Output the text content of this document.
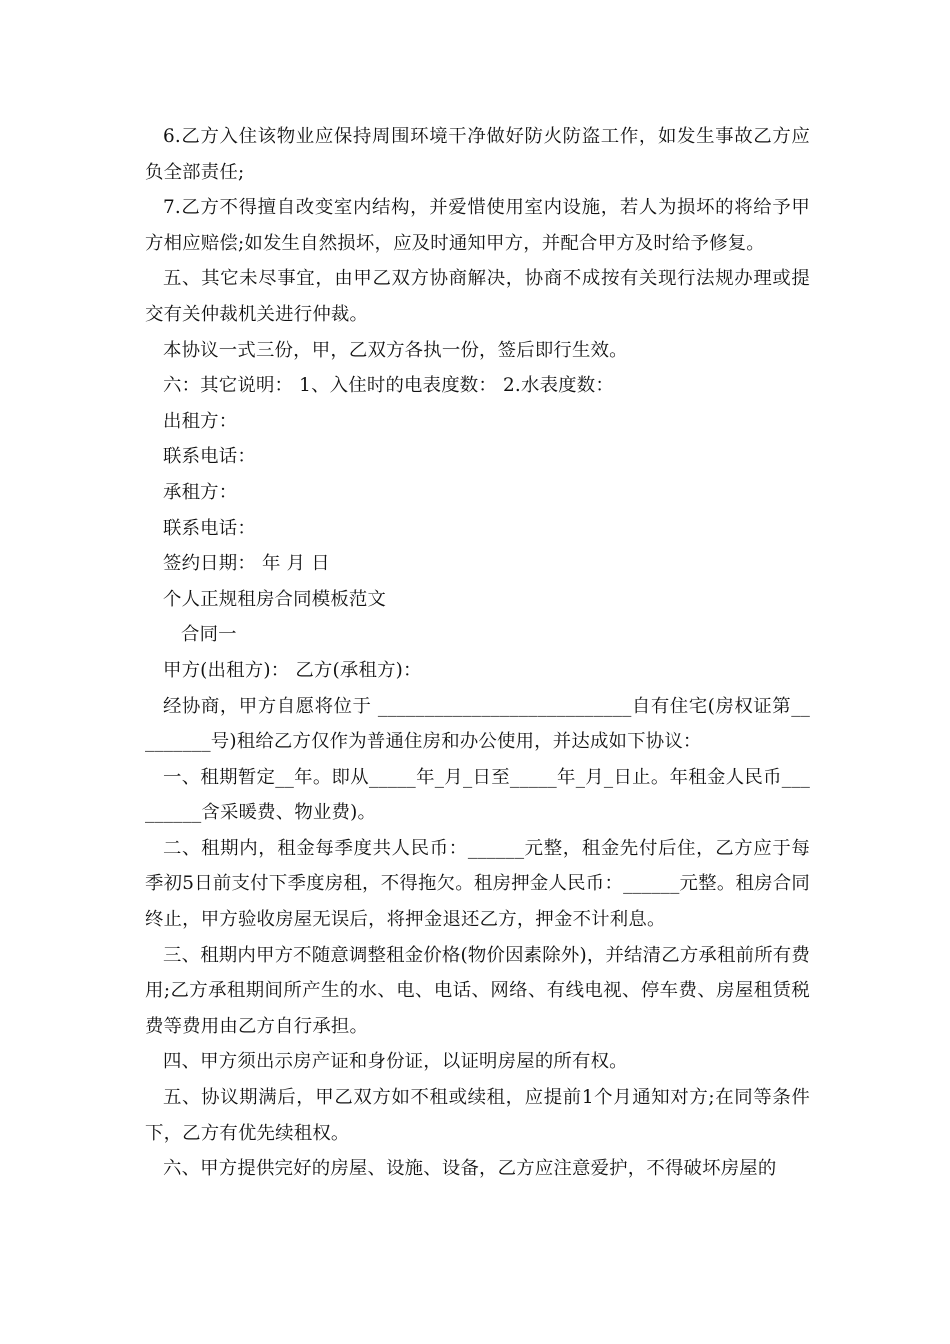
6.乙方入住该物业应保持周围环境干净做好防火防盗工作，如发生事故乙方应负全部责任;

7.乙方不得擅自改变室内结构，并爱惜使用室内设施，若人为损坏的将给予甲方相应赔偿;如发生自然损坏，应及时通知甲方，并配合甲方及时给予修复。

五、其它未尽事宜，由甲乙双方协商解决，协商不成按有关现行法规办理或提交有关仲裁机关进行仲裁。

本协议一式三份，甲，乙双方各执一份，签后即行生效。

六：其它说明： 1、入住时的电表度数： 2.水表度数：

出租方：

联系电话：

承租方：

联系电话：

签约日期： 年 月 日

个人正规租房合同模板范文

合同一

甲方(出租方)： 乙方(承租方)：

经协商，甲方自愿将位于 ___________________________自有住宅(房权证第_________号)租给乙方仅作为普通住房和办公使用，并达成如下协议：

一、租期暂定__年。即从_____年_月_日至_____年_月_日止。年租金人民币_________含采暖费、物业费)。

二、租期内，租金每季度共人民币：______元整，租金先付后住，乙方应于每季初5日前支付下季度房租，不得拖欠。租房押金人民币：______元整。租房合同终止，甲方验收房屋无误后，将押金退还乙方，押金不计利息。

三、租期内甲方不随意调整租金价格(物价因素除外)，并结清乙方承租前所有费用;乙方承租期间所产生的水、电、电话、网络、有线电视、停车费、房屋租赁税费等费用由乙方自行承担。

四、甲方须出示房产证和身份证，以证明房屋的所有权。

五、协议期满后，甲乙双方如不租或续租，应提前1个月通知对方;在同等条件下，乙方有优先续租权。

六、甲方提供完好的房屋、设施、设备，乙方应注意爱护，不得破坏房屋的
